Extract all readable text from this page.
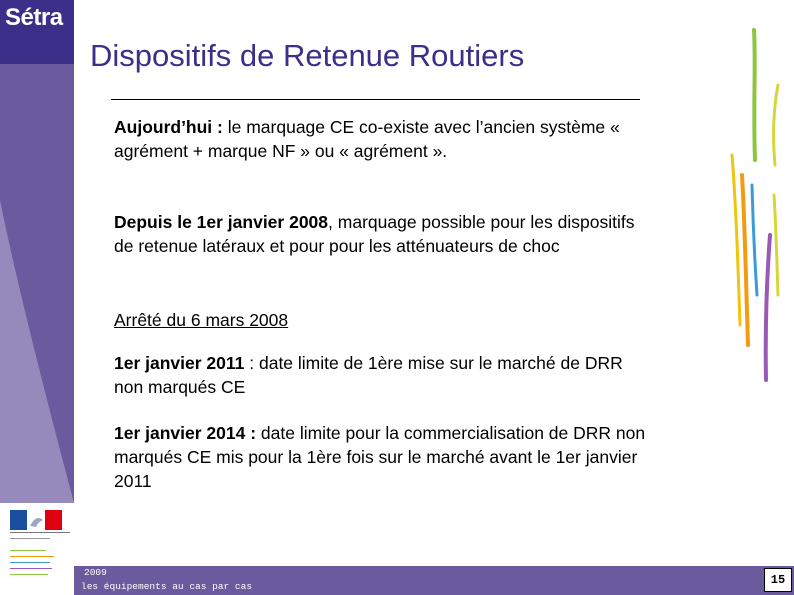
Sétra
Dispositifs de Retenue Routiers
Aujourd’hui : le marquage CE co-existe avec l’ancien système « agrément + marque NF » ou « agrément ».
Depuis le 1er janvier 2008, marquage possible pour les dispositifs de retenue latéraux et pour pour les atténuateurs de choc
Arrêté du 6 mars 2008
1er janvier 2011 : date limite de 1ère mise sur le marché de DRR non marqués CE
1er janvier 2014 : date limite pour la commercialisation de DRR non marqués CE mis pour la 1ère fois sur le marché avant le 1er janvier 2011
2009
les équipements au cas par cas	15
